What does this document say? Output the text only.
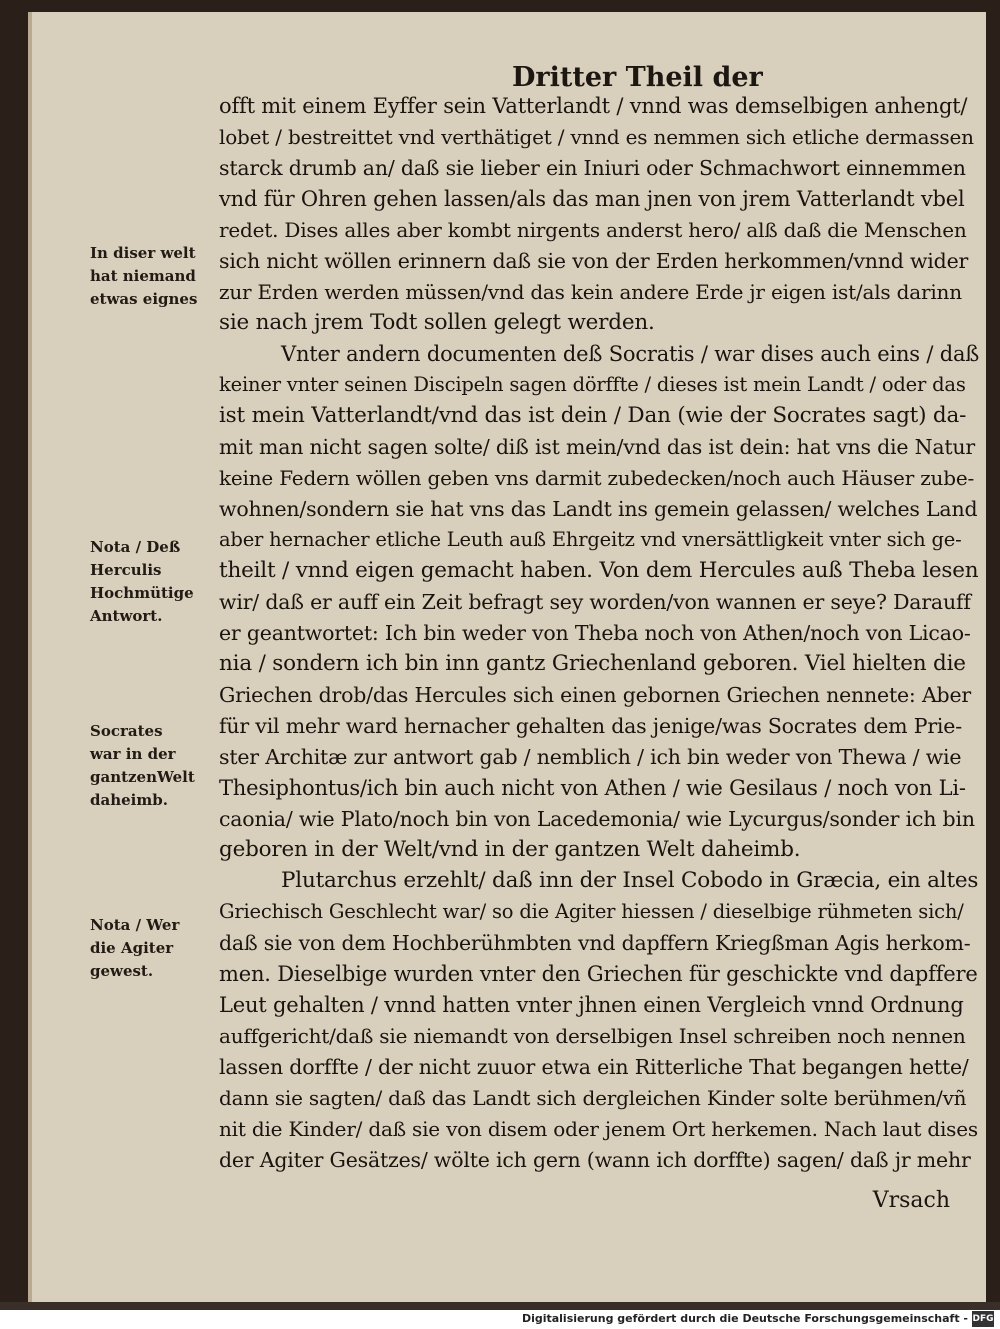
Dritter Theil der
In diser welt
hat niemand
etwas eignes
Nota / Deß
Herculis
Hochmütige
Antwort.
Socrates
war in der
gantzenWelt
daheimb.
Nota / Wer
die Agiter
gewest.
offt mit einem Eyffer sein Vatterlandt / vnnd was demselbigen anhengt/
lobet / bestreittet vnd verthätiget / vnnd es nemmen sich etliche dermassen
starck drumb an/ daß sie lieber ein Iniuri oder Schmachwort einnemmen
vnd für Ohren gehen lassen/als das man jnen von jrem Vatterlandt vbel
redet. Dises alles aber kombt nirgents anderst hero/ alß daß die Menschen
sich nicht wöllen erinnern daß sie von der Erden herkommen/vnnd wider
zur Erden werden müssen/vnd das kein andere Erde jr eigen ist/als darinn
sie nach jrem Todt sollen gelegt werden.
Vnter andern documenten deß Socratis / war dises auch eins / daß
keiner vnter seinen Discipeln sagen dörffte / dieses ist mein Landt / oder das
ist mein Vatterlandt/vnd das ist dein / Dan (wie der Socrates sagt) da-
mit man nicht sagen solte/ diß ist mein/vnd das ist dein: hat vns die Natur
keine Federn wöllen geben vns darmit zubedecken/noch auch Häuser zube-
wohnen/sondern sie hat vns das Landt ins gemein gelassen/ welches Land
aber hernacher etliche Leuth auß Ehrgeitz vnd vnersättligkeit vnter sich ge-
theilt / vnnd eigen gemacht haben. Von dem Hercules auß Theba lesen
wir/ daß er auff ein Zeit befragt sey worden/von wannen er seye? Darauff
er geantwortet: Ich bin weder von Theba noch von Athen/noch von Licao-
nia / sondern ich bin inn gantz Griechenland geboren. Viel hielten die
Griechen drob/das Hercules sich einen gebornen Griechen nennete: Aber
für vil mehr ward hernacher gehalten das jenige/was Socrates dem Prie-
ster Architæ zur antwort gab / nemblich / ich bin weder von Thewa / wie
Thesiphontus/ich bin auch nicht von Athen / wie Gesilaus / noch von Li-
caonia/ wie Plato/noch bin von Lacedemonia/ wie Lycurgus/sonder ich bin
geboren in der Welt/vnd in der gantzen Welt daheimb.
Plutarchus erzehlt/ daß inn der Insel Cobodo in Græcia, ein altes
Griechisch Geschlecht war/ so die Agiter hiessen / dieselbige rühmeten sich/
daß sie von dem Hochberühmbten vnd dapffern Kriegßman Agis herkom-
men. Dieselbige wurden vnter den Griechen für geschickte vnd dapffere
Leut gehalten / vnnd hatten vnter jhnen einen Vergleich vnnd Ordnung
auffgericht/daß sie niemandt von derselbigen Insel schreiben noch nennen
lassen dorffte / der nicht zuuor etwa ein Ritterliche That begangen hette/
dann sie sagten/ daß das Landt sich dergleichen Kinder solte berühmen/vñ
nit die Kinder/ daß sie von disem oder jenem Ort herkemen. Nach laut dises
der Agiter Gesätzes/ wölte ich gern (wann ich dorffte) sagen/ daß jr mehr
Vrsach
Digitalisierung gefördert durch die Deutsche Forschungsgemeinschaft - DFG
